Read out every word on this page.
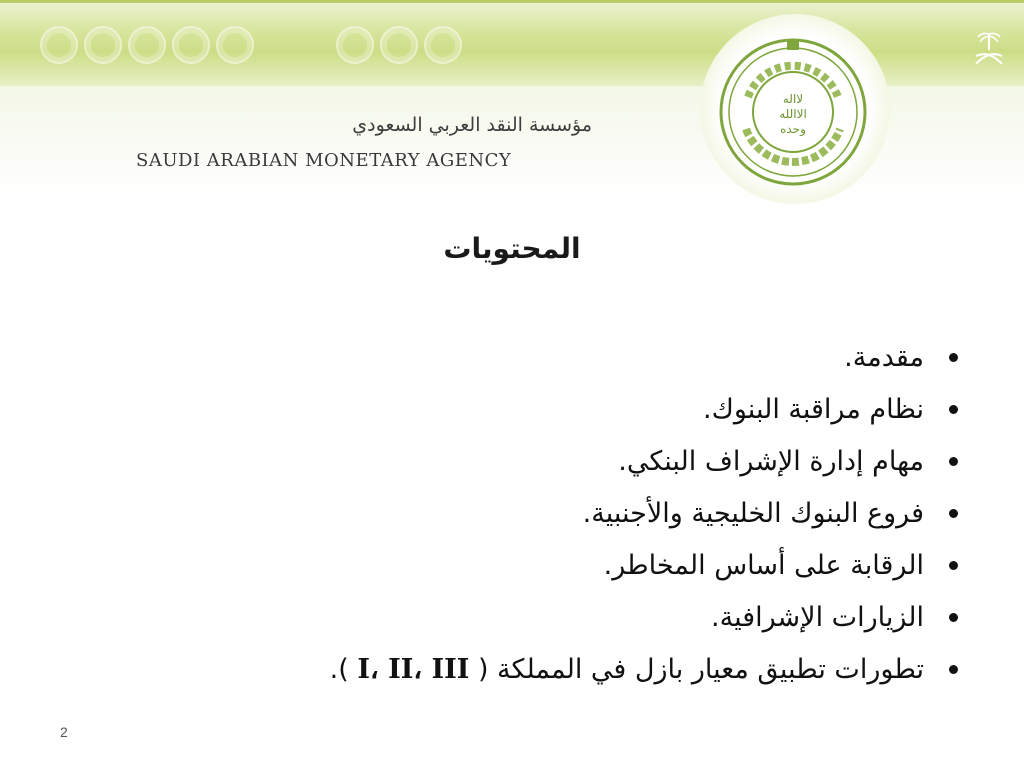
مؤسسة النقد العربي السعودي
SAUDI ARABIAN MONETARY AGENCY
لااله
الاالله
وحده
المحتويات
مقدمة.
نظام مراقبة البنوك.
مهام إدارة الإشراف البنكي.
فروع البنوك الخليجية والأجنبية.
الرقابة على أساس المخاطر.
الزيارات الإشرافية.
تطورات تطبيق معيار بازل في المملكة ( I، II، III ).
2
